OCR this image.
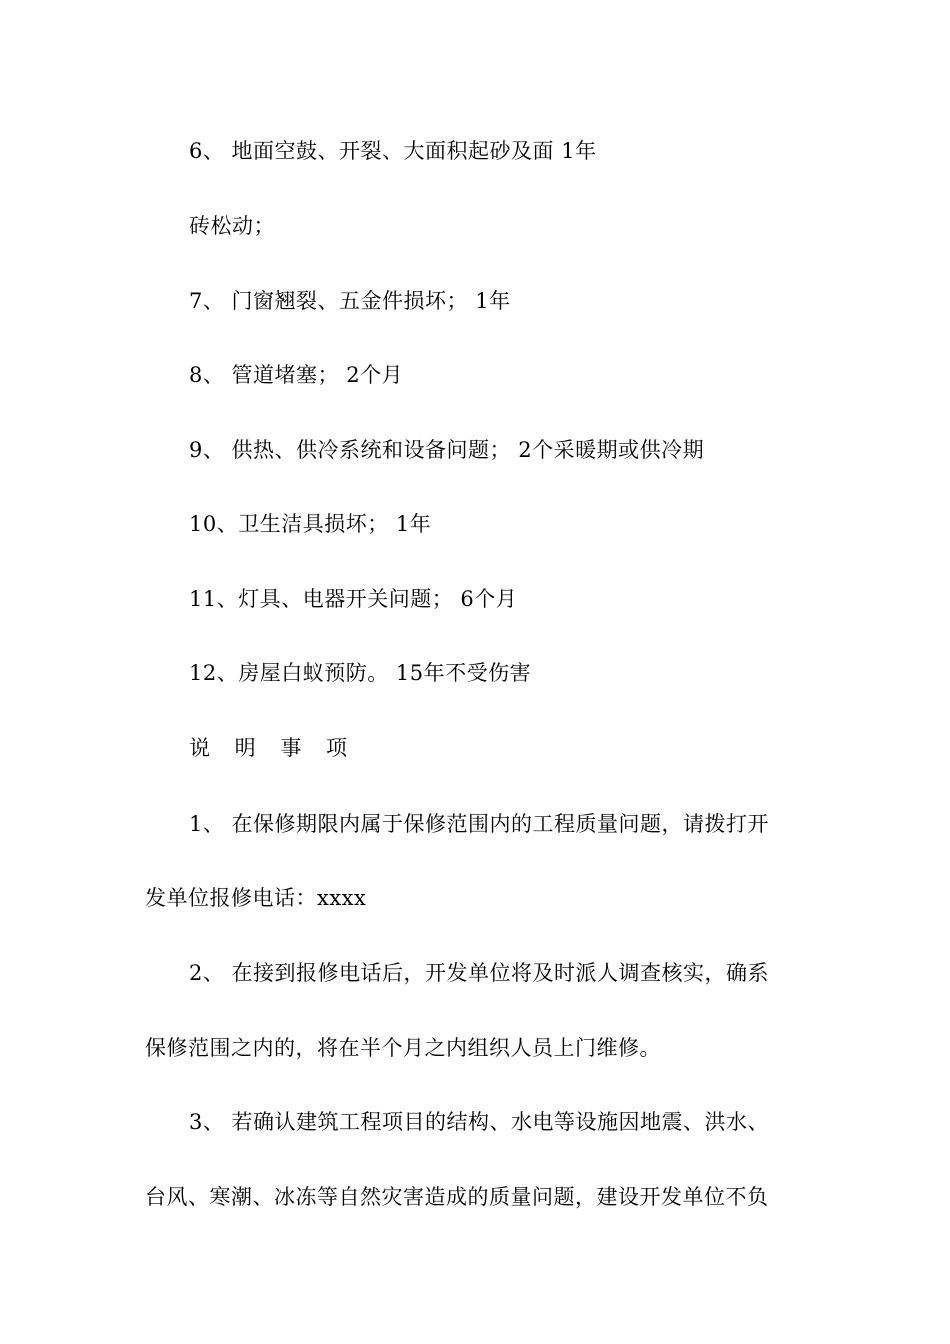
6、 地面空鼓、开裂、大面积起砂及面 1年
砖松动；
7、 门窗翘裂、五金件损坏； 1年
8、 管道堵塞； 2个月
9、 供热、供冷系统和设备问题； 2个采暖期或供冷期
10、卫生洁具损坏； 1年
11、灯具、电器开关问题； 6个月
12、房屋白蚁预防。 15年不受伤害
说 明 事 项
1、 在保修期限内属于保修范围内的工程质量问题，请拨打开
发单位报修电话：xxxx
2、 在接到报修电话后，开发单位将及时派人调查核实，确系
保修范围之内的，将在半个月之内组织人员上门维修。
3、 若确认建筑工程项目的结构、水电等设施因地震、洪水、
台风、寒潮、冰冻等自然灾害造成的质量问题，建设开发单位不负
